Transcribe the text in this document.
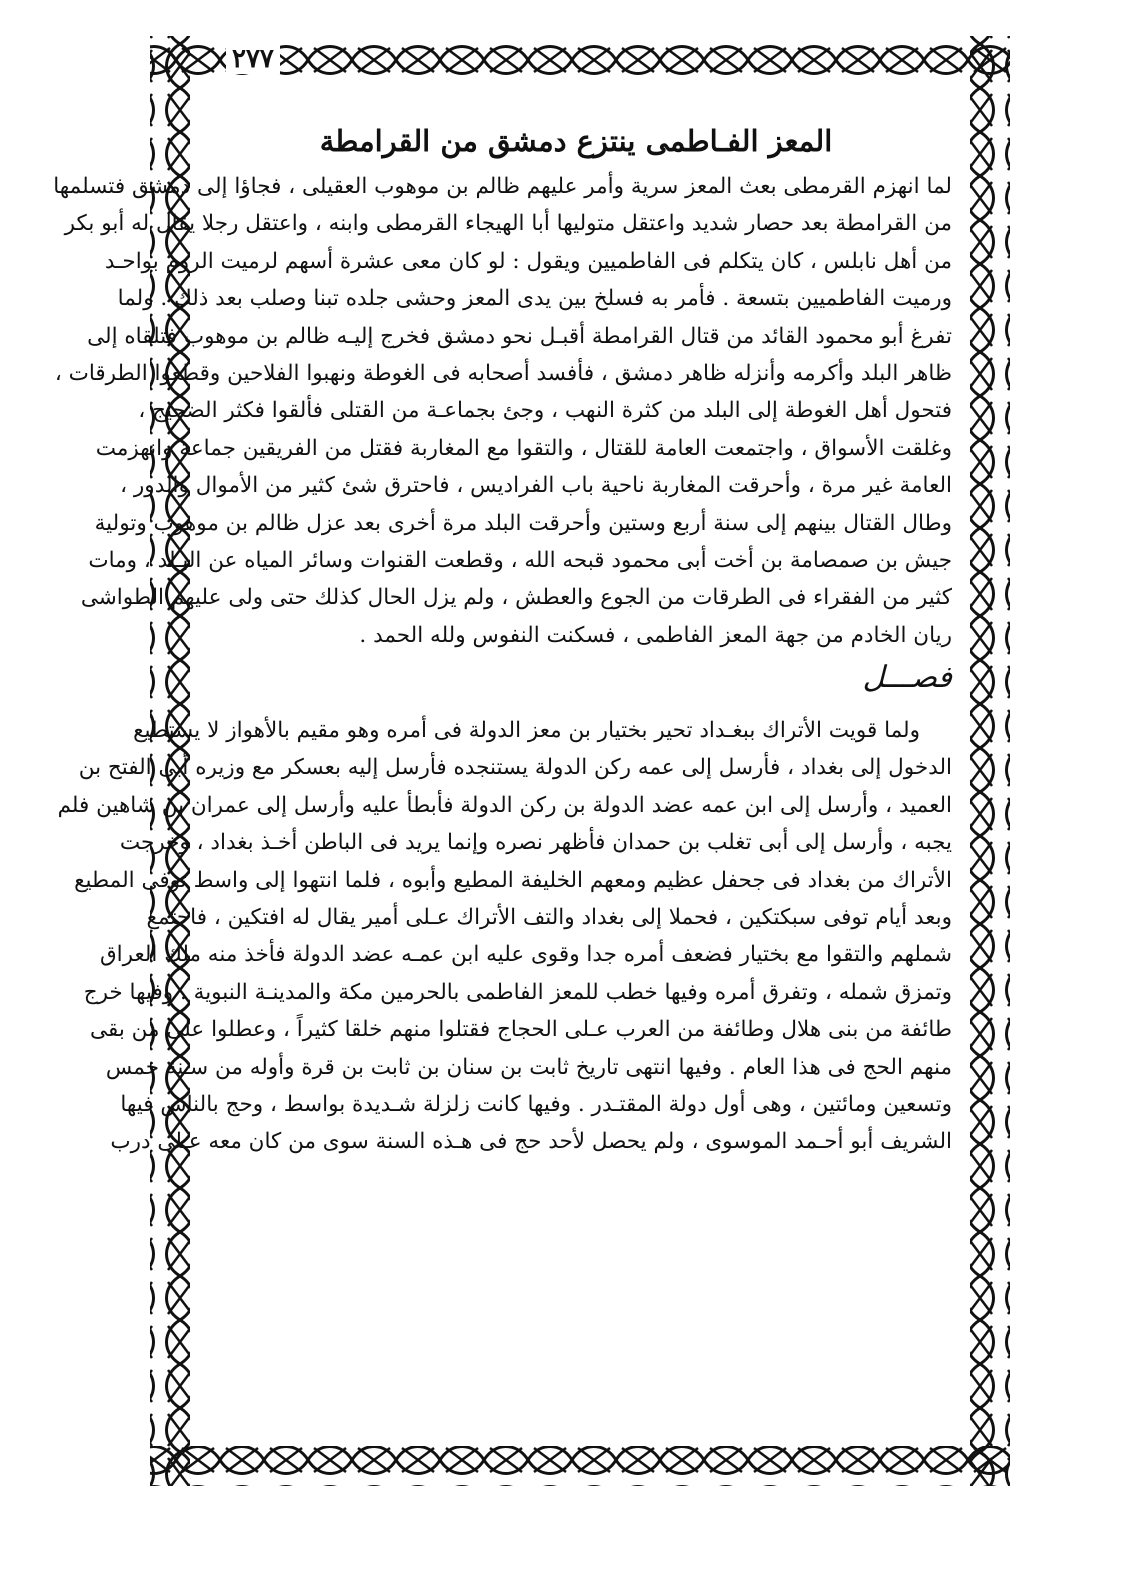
٢٧٧
المعز الفـاطمى ينتزع دمشق من القرامطة
لما انهزم القرمطى بعث المعز سرية وأمر عليهم ظالم بن موهوب العقيلى ، فجاؤا إلى دمشق فتسلمها
من القرامطة بعد حصار شديد واعتقل متوليها أبا الهيجاء القرمطى وابنه ، واعتقل رجلا يقال له أبو بكر
من أهل نابلس ، كان يتكلم فى الفاطميين ويقول : لو كان معى عشرة أسهم لرميت الروم بواحـد
ورميت الفاطميين بتسعة . فأمر به فسلخ بين يدى المعز وحشى جلده تبنا وصلب بعد ذلك . ولما
تفرغ أبو محمود القائد من قتال القرامطة أقبـل نحو دمشق فخرج إليـه ظالم بن موهوب فتلقاه إلى
ظاهر البلد وأكرمه وأنزله ظاهر دمشق ، فأفسد أصحابه فى الغوطة ونهبوا الفلاحين وقطعوا الطرقات ،
فتحول أهل الغوطة إلى البلد من كثرة النهب ، وجئ بجماعـة من القتلى فألقوا فكثر الضجيج ،
وغلقت الأسواق ، واجتمعت العامة للقتال ، والتقوا مع المغاربة فقتل من الفريقين جماعة وانهزمت
العامة غير مرة ، وأحرقت المغاربة ناحية باب الفراديس ، فاحترق شئ كثير من الأموال والدور ،
وطال القتال بينهم إلى سنة أربع وستين وأحرقت البلد مرة أخرى بعد عزل ظالم بن موهوب وتولية
جيش بن صمصامة بن أخت أبى محمود قبحه الله ، وقطعت القنوات وسائر المياه عن البـلد ، ومات
كثير من الفقراء فى الطرقات من الجوع والعطش ، ولم يزل الحال كذلك حتى ولى عليهم الطواشى
ريان الخادم من جهة المعز الفاطمى ، فسكنت النفوس ولله الحمد .
فصـــل
ولما قويت الأتراك ببغـداد تحير بختيار بن معز الدولة فى أمره وهو مقيم بالأهواز لا يستطيع
الدخول إلى بغداد ، فأرسل إلى عمه ركن الدولة يستنجده فأرسل إليه بعسكر مع وزيره أبى الفتح بن
العميد ، وأرسل إلى ابن عمه عضد الدولة بن ركن الدولة فأبطأ عليه وأرسل إلى عمران بن شاهين فلم
يجبه ، وأرسل إلى أبى تغلب بن حمدان فأظهر نصره وإنما يريد فى الباطن أخـذ بغداد ، وخرجت
الأتراك من بغداد فى جحفل عظيم ومعهم الخليفة المطيع وأبوه ، فلما انتهوا إلى واسط توفى المطيع
وبعد أيام توفى سبكتكين ، فحملا إلى بغداد والتف الأتراك عـلى أمير يقال له افتكين ، فاجتمع
شملهم والتقوا مع بختيار فضعف أمره جدا وقوى عليه ابن عمـه عضد الدولة فأخذ منه ملك العراق
وتمزق شمله ، وتفرق أمره وفيها خطب للمعز الفاطمى بالحرمين مكة والمدينـة النبوية . وفيها خرج
طائفة من بنى هلال وطائفة من العرب عـلى الحجاج فقتلوا منهم خلقا كثيراً ، وعطلوا على من بقى
منهم الحج فى هذا العام . وفيها انتهى تاريخ ثابت بن سنان بن ثابت بن قرة وأوله من سـنة خمس
وتسعين ومائتين ، وهى أول دولة المقتـدر . وفيها كانت زلزلة شـديدة بواسط ، وحج بالناس فيها
الشريف أبو أحـمد الموسوى ، ولم يحصل لأحد حج فى هـذه السنة سوى من كان معه عـلى درب
